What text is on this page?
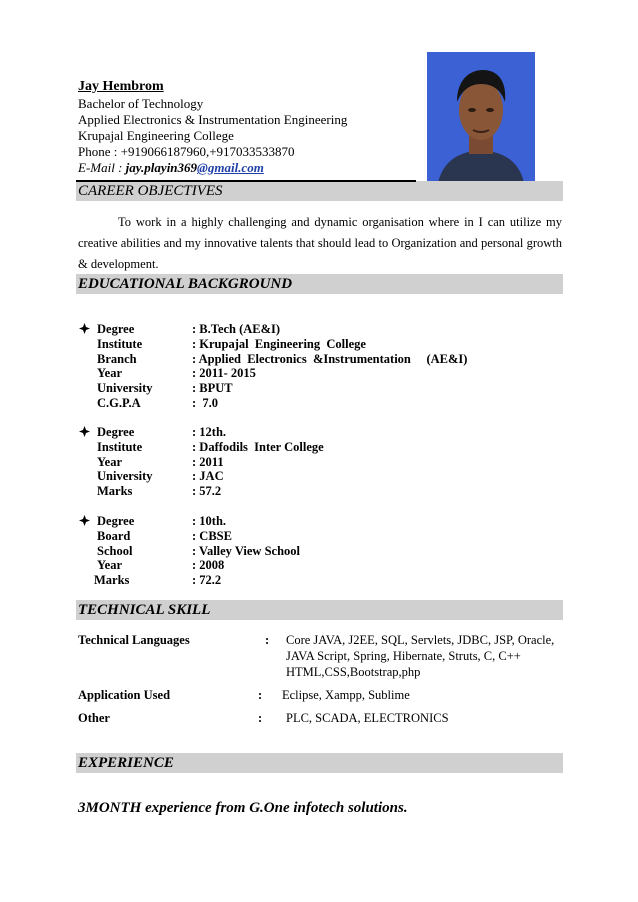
Jay Hembrom
Bachelor of Technology
Applied Electronics & Instrumentation Engineering
Krupajal Engineering College
Phone : +919066187960,+917033533870
E-Mail : jay.playin369@gmail.com
CAREER OBJECTIVES
To work in a highly challenging and dynamic organisation where in I can utilize my creative abilities and my innovative talents that should lead to Organization and personal growth & development.
EDUCATIONAL BACKGROUND
Degree	: B.Tech (AE&I)
Institute	: Krupajal  Engineering  College
Branch	: Applied  Electronics  &Instrumentation     (AE&I)
Year	: 2011- 2015
University	: BPUT
C.G.P.A	:  7.0
Degree	: 12th.
Institute	: Daffodils  Inter College
Year	: 2011
University	: JAC
Marks	: 57.2
Degree	: 10th.
Board	: CBSE
School	: Valley View School
Year	: 2008
Marks	: 72.2
TECHNICAL SKILL
Technical Languages	: Core JAVA, J2EE, SQL, Servlets, JDBC, JSP, Oracle, JAVA Script, Spring, Hibernate, Struts, C, C++ HTML,CSS,Bootstrap,php
Application Used	: Eclipse, Xampp, Sublime
Other	: PLC, SCADA, ELECTRONICS
EXPERIENCE
3MONTH experience from G.One infotech solutions.
